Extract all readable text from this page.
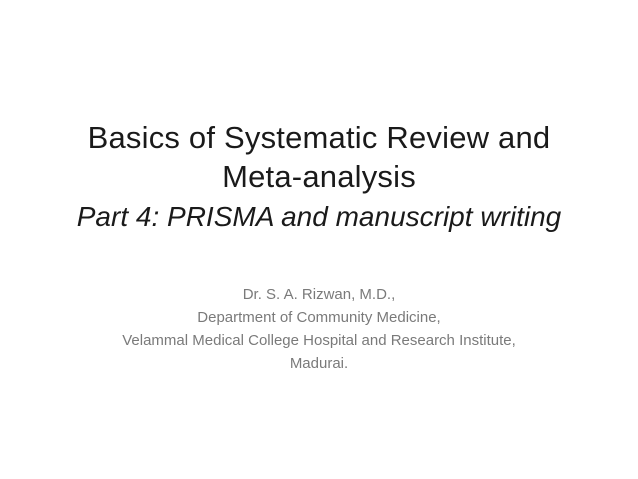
Basics of Systematic Review and
Meta-analysis
Part 4: PRISMA and manuscript writing
Dr. S. A. Rizwan, M.D.,
Department of Community Medicine,
Velammal Medical College Hospital and Research Institute,
Madurai.
